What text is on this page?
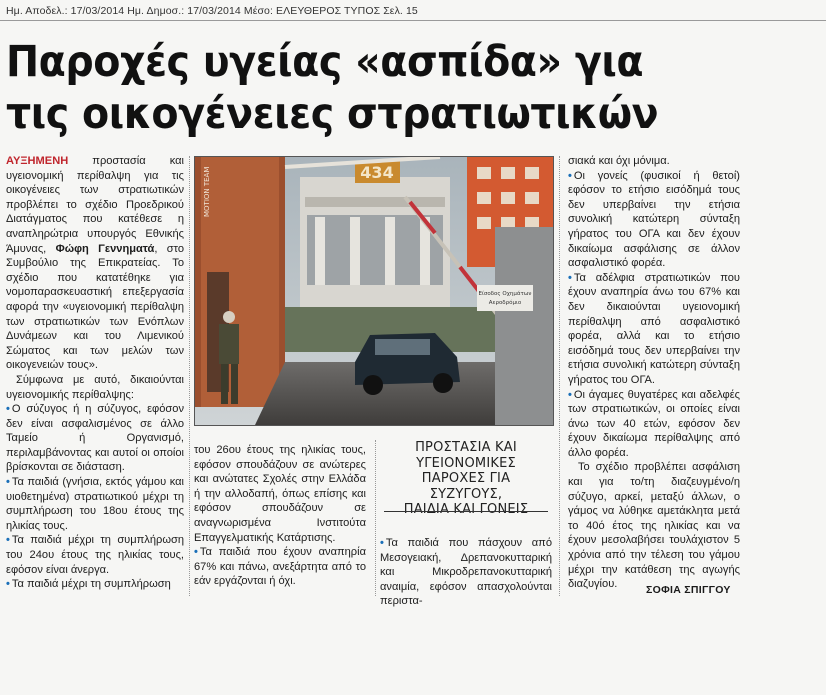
Ημ. Αποδελ.: 17/03/2014 Ημ. Δημοσ.: 17/03/2014 Μέσο: ΕΛΕΥΘΕΡΟΣ ΤΥΠΟΣ Σελ. 15
Παροχές υγείας «ασπίδα» για
τις οικογένειες στρατιωτικών

ΑΥΞΗΜΕΝΗ προστασία και υγειονομική περίθαλψη για τις οικογένειες των στρατιωτικών προβλέπει το σχέδιο Προεδρικού Διατάγματος που κατέθεσε η αναπληρώτρια υπουργός Εθνικής Άμυνας, Φώφη Γεννηματά, στο Συμβούλιο της Επικρατείας. Το σχέδιο που κατατέθηκε για νομοπαρασκευαστική επεξεργασία αφορά την «υγειονομική περίθαλψη των στρατιωτικών των Ενόπλων Δυνάμεων και του Λιμενικού Σώματος και των μελών των οικογενειών τους».

Σύμφωνα με αυτό, δικαιούνται υγειονομικής περίθαλψης:

• Ο σύζυγος ή η σύζυγος, εφόσον δεν είναι ασφαλισμένος σε άλλο Ταμείο ή Οργανισμό, περιλαμβάνοντας και αυτοί οι οποίοι βρίσκονται σε διάσταση.

• Τα παιδιά (γνήσια, εκτός γάμου και υιοθετημένα) στρατιωτικού μέχρι τη συμπλήρωση του 18ου έτους της ηλικίας τους.

• Τα παιδιά μέχρι τη συμπλήρωση του 24ου έτους της ηλικίας τους, εφόσον είναι άνεργα.

• Τα παιδιά μέχρι τη συμπλήρωση

434
MOTION TEAM
Είσοδος Οχημάτων
Αεροδρόμιο

του 26ου έτους της ηλικίας τους, εφόσον σπουδάζουν σε ανώτερες και ανώτατες Σχολές στην Ελλάδα ή την αλλοδαπή, όπως επίσης και εφόσον σπουδάζουν σε αναγνωρισμένα Ινστιτούτα Επαγγελματικής Κατάρτισης.

• Τα παιδιά που έχουν αναπηρία 67% και πάνω, ανεξάρτητα από το εάν εργάζονται ή όχι.

ΠΡΟΣΤΑΣΙΑ ΚΑΙ
ΥΓΕΙΟΝΟΜΙΚΕΣ
ΠΑΡΟΧΕΣ ΓΙΑ ΣΥΖΥΓΟΥΣ,
ΠΑΙΔΙΑ ΚΑΙ ΓΟΝΕΙΣ

• Τα παιδιά που πάσχουν από Μεσογειακή, Δρεπανοκυτταρική και Μικροδρεπανοκυτταρική αναιμία, εφόσον απασχολούνται περιστα-

σιακά και όχι μόνιμα.

• Οι γονείς (φυσικοί ή θετοί) εφόσον το ετήσιο εισόδημά τους δεν υπερβαίνει την ετήσια συνολική κατώτερη σύνταξη γήρατος του ΟΓΑ και δεν έχουν δικαίωμα ασφάλισης σε άλλον ασφαλιστικό φορέα.

• Τα αδέλφια στρατιωτικών που έχουν αναπηρία άνω του 67% και δεν δικαιούνται υγειονομική περίθαλψη από ασφαλιστικό φορέα, αλλά και το ετήσιο εισόδημά τους δεν υπερβαίνει την ετήσια συνολική κατώτερη σύνταξη γήρατος του ΟΓΑ.

• Οι άγαμες θυγατέρες και αδελφές των στρατιωτικών, οι οποίες είναι άνω των 40 ετών, εφόσον δεν έχουν δικαίωμα περίθαλψης από άλλο φορέα.

Το σχέδιο προβλέπει ασφάλιση και για το/τη διαζευγμένο/η σύζυγο, αρκεί, μεταξύ άλλων, ο γάμος να λύθηκε αμετάκλητα μετά το 40ό έτος της ηλικίας και να έχουν μεσολαβήσει τουλάχιστον 5 χρόνια από την τέλεση του γάμου μέχρι την κατάθεση της αγωγής διαζυγίου.	ΣΟΦΙΑ ΣΠΙΓΓΟΥ
